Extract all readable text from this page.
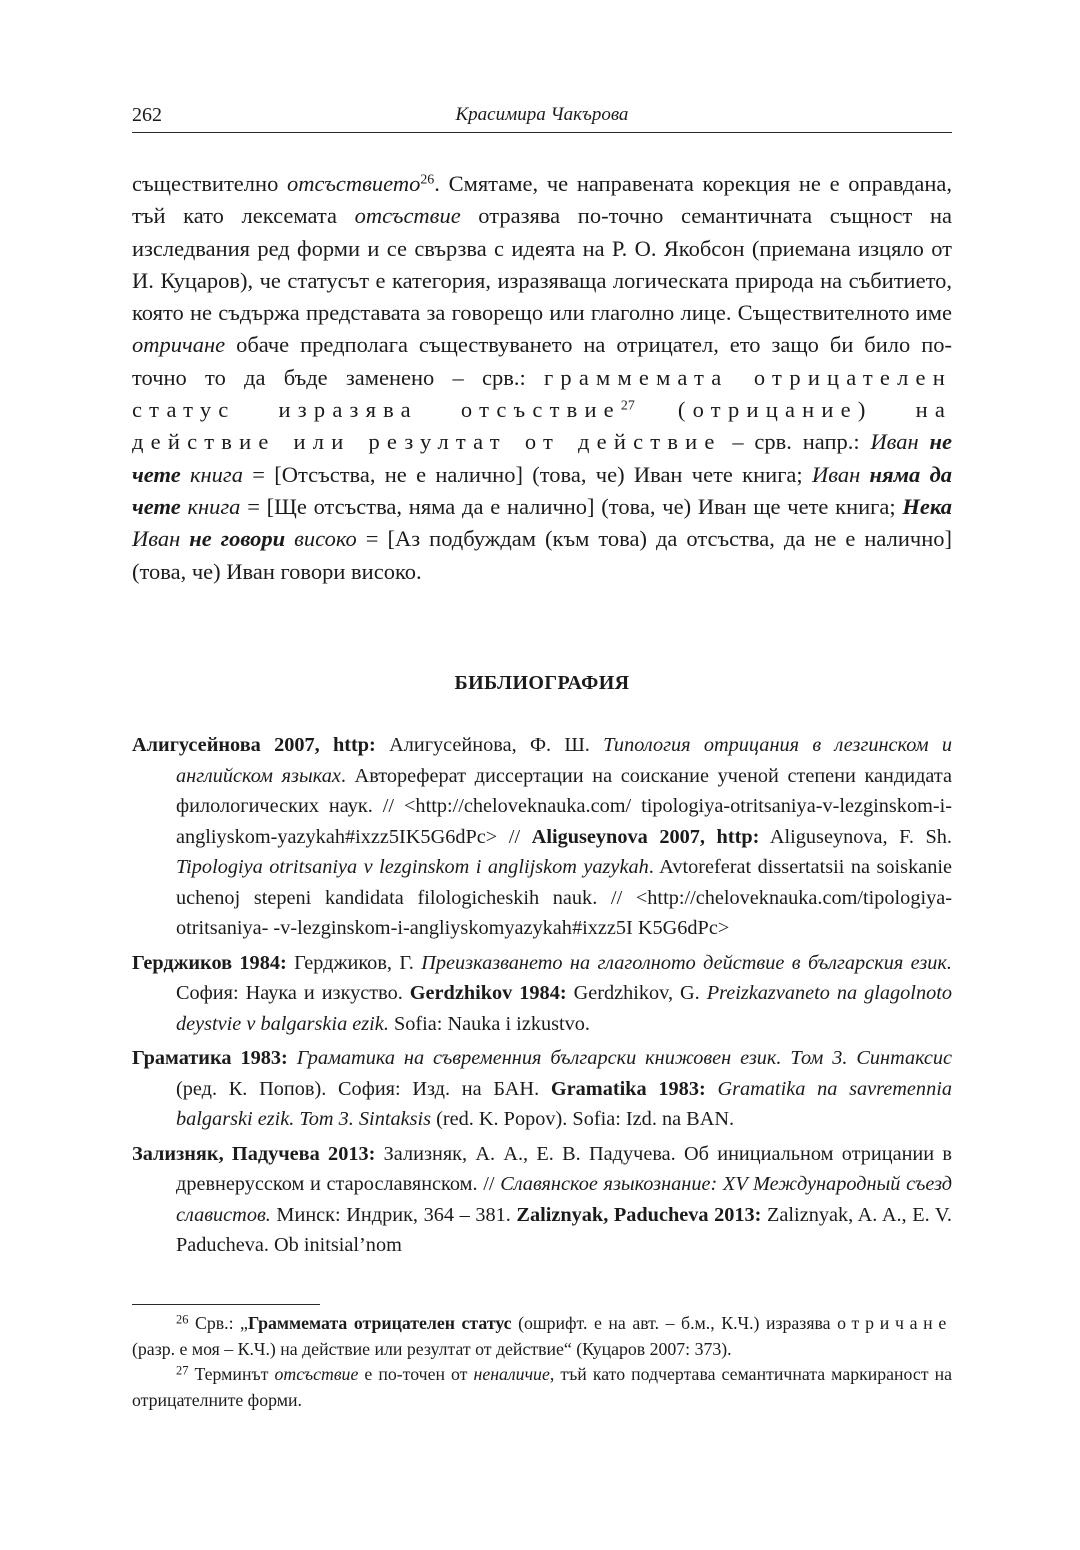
262	Красимира Чакърова

съществително отсъствието$^{26}$. Смятаме, че направената корекция не е оправдана, тъй като лексемата отсъствие отразява по-точно семантичната същност на изследвания ред форми и се свързва с идеята на Р. О. Якобсон (приемана изцяло от И. Куцаров), че статусът е категория, изразяваща логическата природа на събитието, която не съдържа представата за говорещо или глаголно лице. Съществителното име отричане обаче предполага съществуването на отрицател, ето защо би било по-точно то да бъде заменено – срв.: граммемата отрицателен статус изразява отсъствие$^{27}$ (отрицание) на действие или резултат от действие – срв. напр.: Иван не чете книга = [Отсъства, не е налично] (това, че) Иван чете книга; Иван няма да чете книга = [Ще отсъства, няма да е налично] (това, че) Иван ще чете книга; Нека Иван не говори високо = [Аз подбуждам (към това) да отсъства, да не е налично] (това, че) Иван говори високо.

БИБЛИОГРАФИЯ

Алигусейнова 2007, http: Алигусейнова, Ф. Ш. Типология отрицания в лезгинском и английском языках. Автореферат диссертации на соискание ученой степени кандидата филологических наук. // <http://cheloveknauka.com/ tipologiya-otritsaniya-v-lezginskom-i-angliyskom-yazykah#ixzz5IK5G6dPc> // Aliguseynova 2007, http: Aliguseynova, F. Sh. Tipologiya otritsaniya v lezginskom i anglijskom yazykah. Avtoreferat dissertatsii na soiskanie uchenoj stepeni kandidata filologicheskih nauk. // <http://cheloveknauka.com/tipologiya-otritsaniya- -v-lezginskom-i-angliyskomyazykah#ixzz5I K5G6dPc>

Герджиков 1984: Герджиков, Г. Преизказването на глаголното действие в българския език. София: Наука и изкуство. Gerdzhikov 1984: Gerdzhikov, G. Preizkazvaneto na glagolnoto deystvie v balgarskia ezik. Sofia: Nauka i izkustvo.

Граматика 1983: Граматика на съвременния български книжовен език. Том 3. Синтаксис (ред. К. Попов). София: Изд. на БАН. Gramatika 1983: Gramatika na savremennia balgarski ezik. Tom 3. Sintaksis (red. K. Popov). Sofia: Izd. na BAN.

Зализняк, Падучева 2013: Зализняк, А. А., Е. В. Падучева. Об инициальном отрицании в древнерусском и старославянском. // Славянское языкознание: XV Международный съезд славистов. Минск: Индрик, 364 – 381. Zaliznyak, Paducheva 2013: Zaliznyak, A. A., E. V. Paducheva. Ob initsial’nom

$^{26}$ Срв.: „Граммемата отрицателен статус (ошрифт. е на авт. – б.м., К.Ч.) изразява отричане (разр. е моя – К.Ч.) на действие или резултат от действие“ (Куцаров 2007: 373).

$^{27}$ Терминът отсъствие е по-точен от неналичие, тъй като подчертава семантичната маркираност на отрицателните форми.
